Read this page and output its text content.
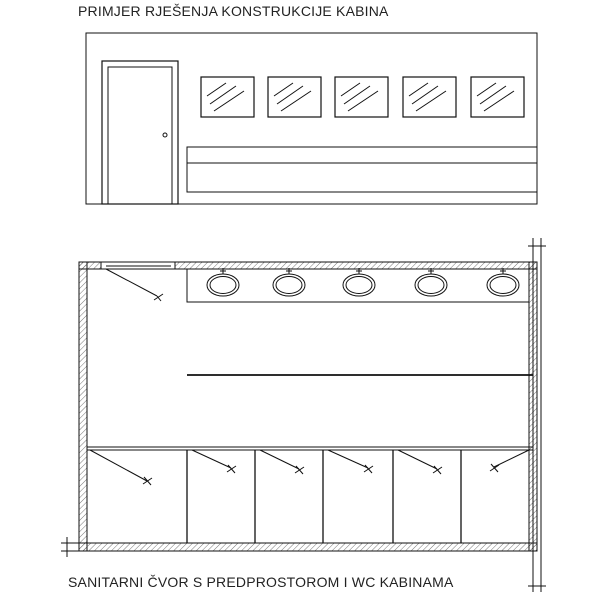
PRIMJER RJEŠENJA KONSTRUKCIJE KABINA
SANITARNI ČVOR S PREDPROSTOROM I WC KABINAMA
